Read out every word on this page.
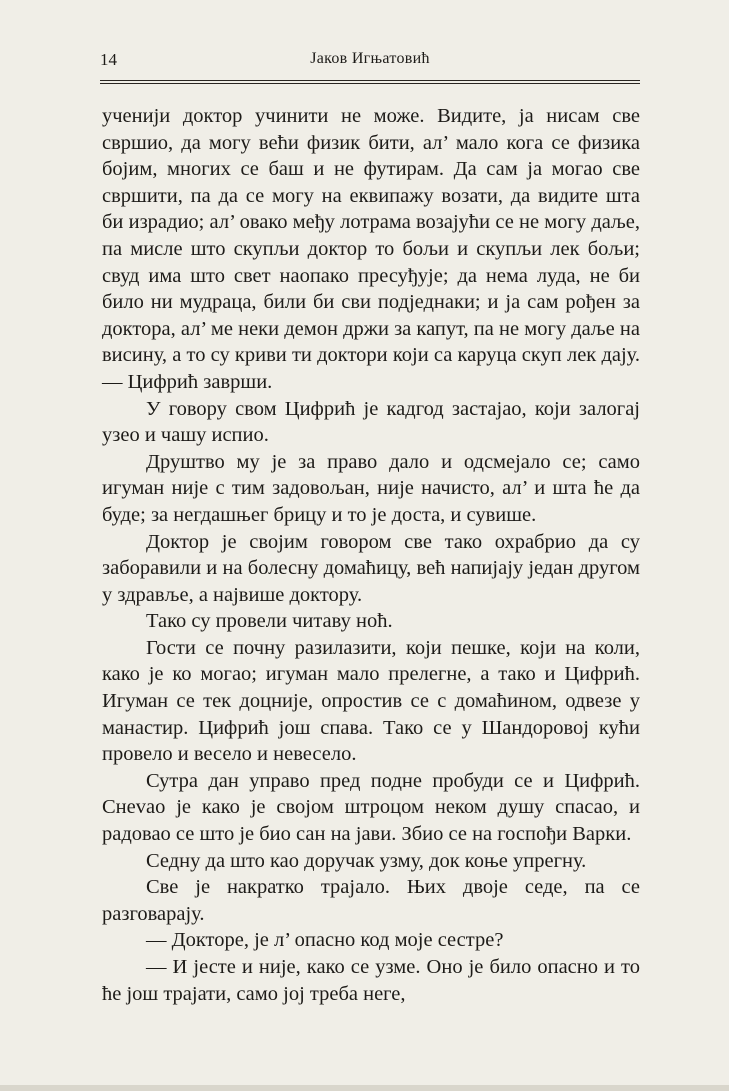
14	Јаков Игњатовић

ученији доктор учинити не може. Видите, ја нисам све свршио, да могу већи физик бити, ал’ мало кога се физика бојим, многих се баш и не футирам. Да сам ја могао све свршити, па да се могу на еквипажу возати, да видите шта би израдио; ал’ овако међу лотрама возајући се не могу даље, па мисле што скупљи доктор то бољи и скупљи лек бољи; свуд има што свет наопако пресуђује; да нема луда, не би било ни мудраца, били би сви подједнаки; и ја сам рођен за доктора, ал’ ме неки демон држи за капут, па не могу даље на висину, а то су криви ти доктори који са каруца скуп лек дају. — Цифрић заврши.

У говору свом Цифрић је кадгод застајао, који залогај узео и чашу испио.

Друштво му је за право дало и одсмејало се; само игуман није с тим задовољан, није начисто, ал’ и шта ће да буде; за негдашњег брицу и то је доста, и сувише.

Доктор је својим говором све тако охрабрио да су заборавили и на болесну домаћицу, већ напијају један другом у здравље, а највише доктору.

Тако су провели читаву ноћ.

Гости се почну разилазити, који пешке, који на коли, како је ко могао; игуман мало прелегне, а тако и Цифрић. Игуман се тек доцније, опростив се с домаћином, одвезе у манастир. Цифрић још спава. Тако се у Шандоровој кући провело и весело и невесело.

Сутра дан управо пред подне пробуди се и Цифрић. Снevao је како је својом штроцом неком душу спасао, и радовао се што је био сан на јави. Збио се на госпођи Варки.

Седну да што као доручак узму, док коње упрегну.

Све је накратко трајало. Њих двоје седе, па се разговарају.

— Докторе, је л’ опасно код моје сестре?

— И јесте и није, како се узме. Оно је било опасно и то ће још трајати, само јој треба неге,
